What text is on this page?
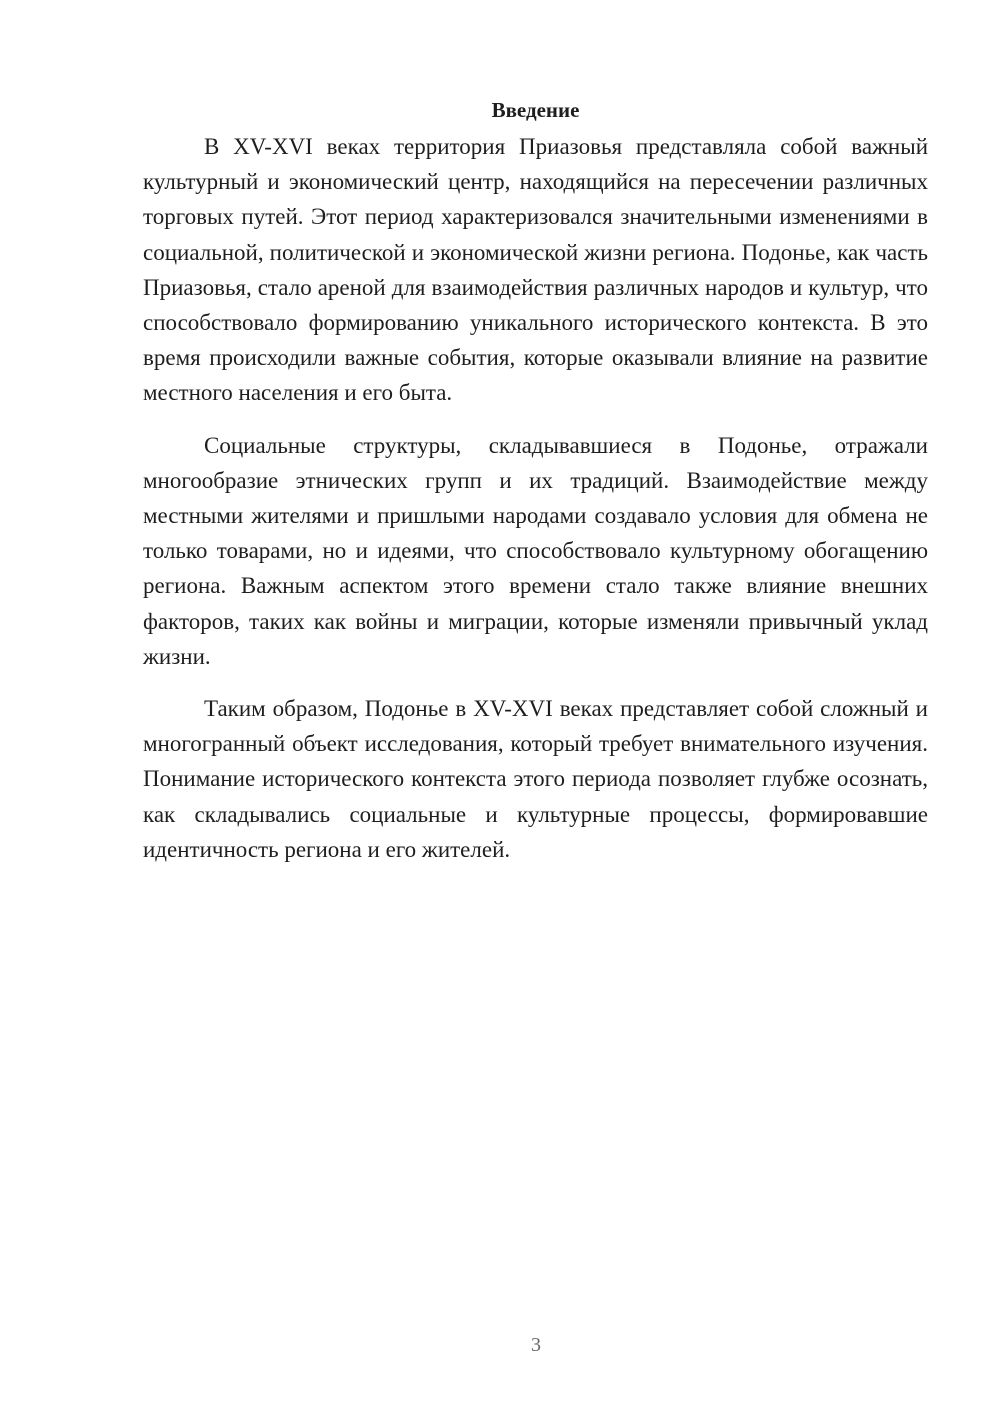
Введение

В XV-XVI веках территория Приазовья представляла собой важный культурный и экономический центр, находящийся на пересечении различных торговых путей. Этот период характеризовался значительными изменениями в социальной, политической и экономической жизни региона. Подонье, как часть Приазовья, стало ареной для взаимодействия различных народов и культур, что способствовало формированию уникального исторического контекста. В это время происходили важные события, которые оказывали влияние на развитие местного населения и его быта.

Социальные структуры, складывавшиеся в Подонье, отражали многообразие этнических групп и их традиций. Взаимодействие между местными жителями и пришлыми народами создавало условия для обмена не только товарами, но и идеями, что способствовало культурному обогащению региона. Важным аспектом этого времени стало также влияние внешних факторов, таких как войны и миграции, которые изменяли привычный уклад жизни.

Таким образом, Подонье в XV-XVI веках представляет собой сложный и многогранный объект исследования, который требует внимательного изучения. Понимание исторического контекста этого периода позволяет глубже осознать, как складывались социальные и культурные процессы, формировавшие идентичность региона и его жителей.

3
